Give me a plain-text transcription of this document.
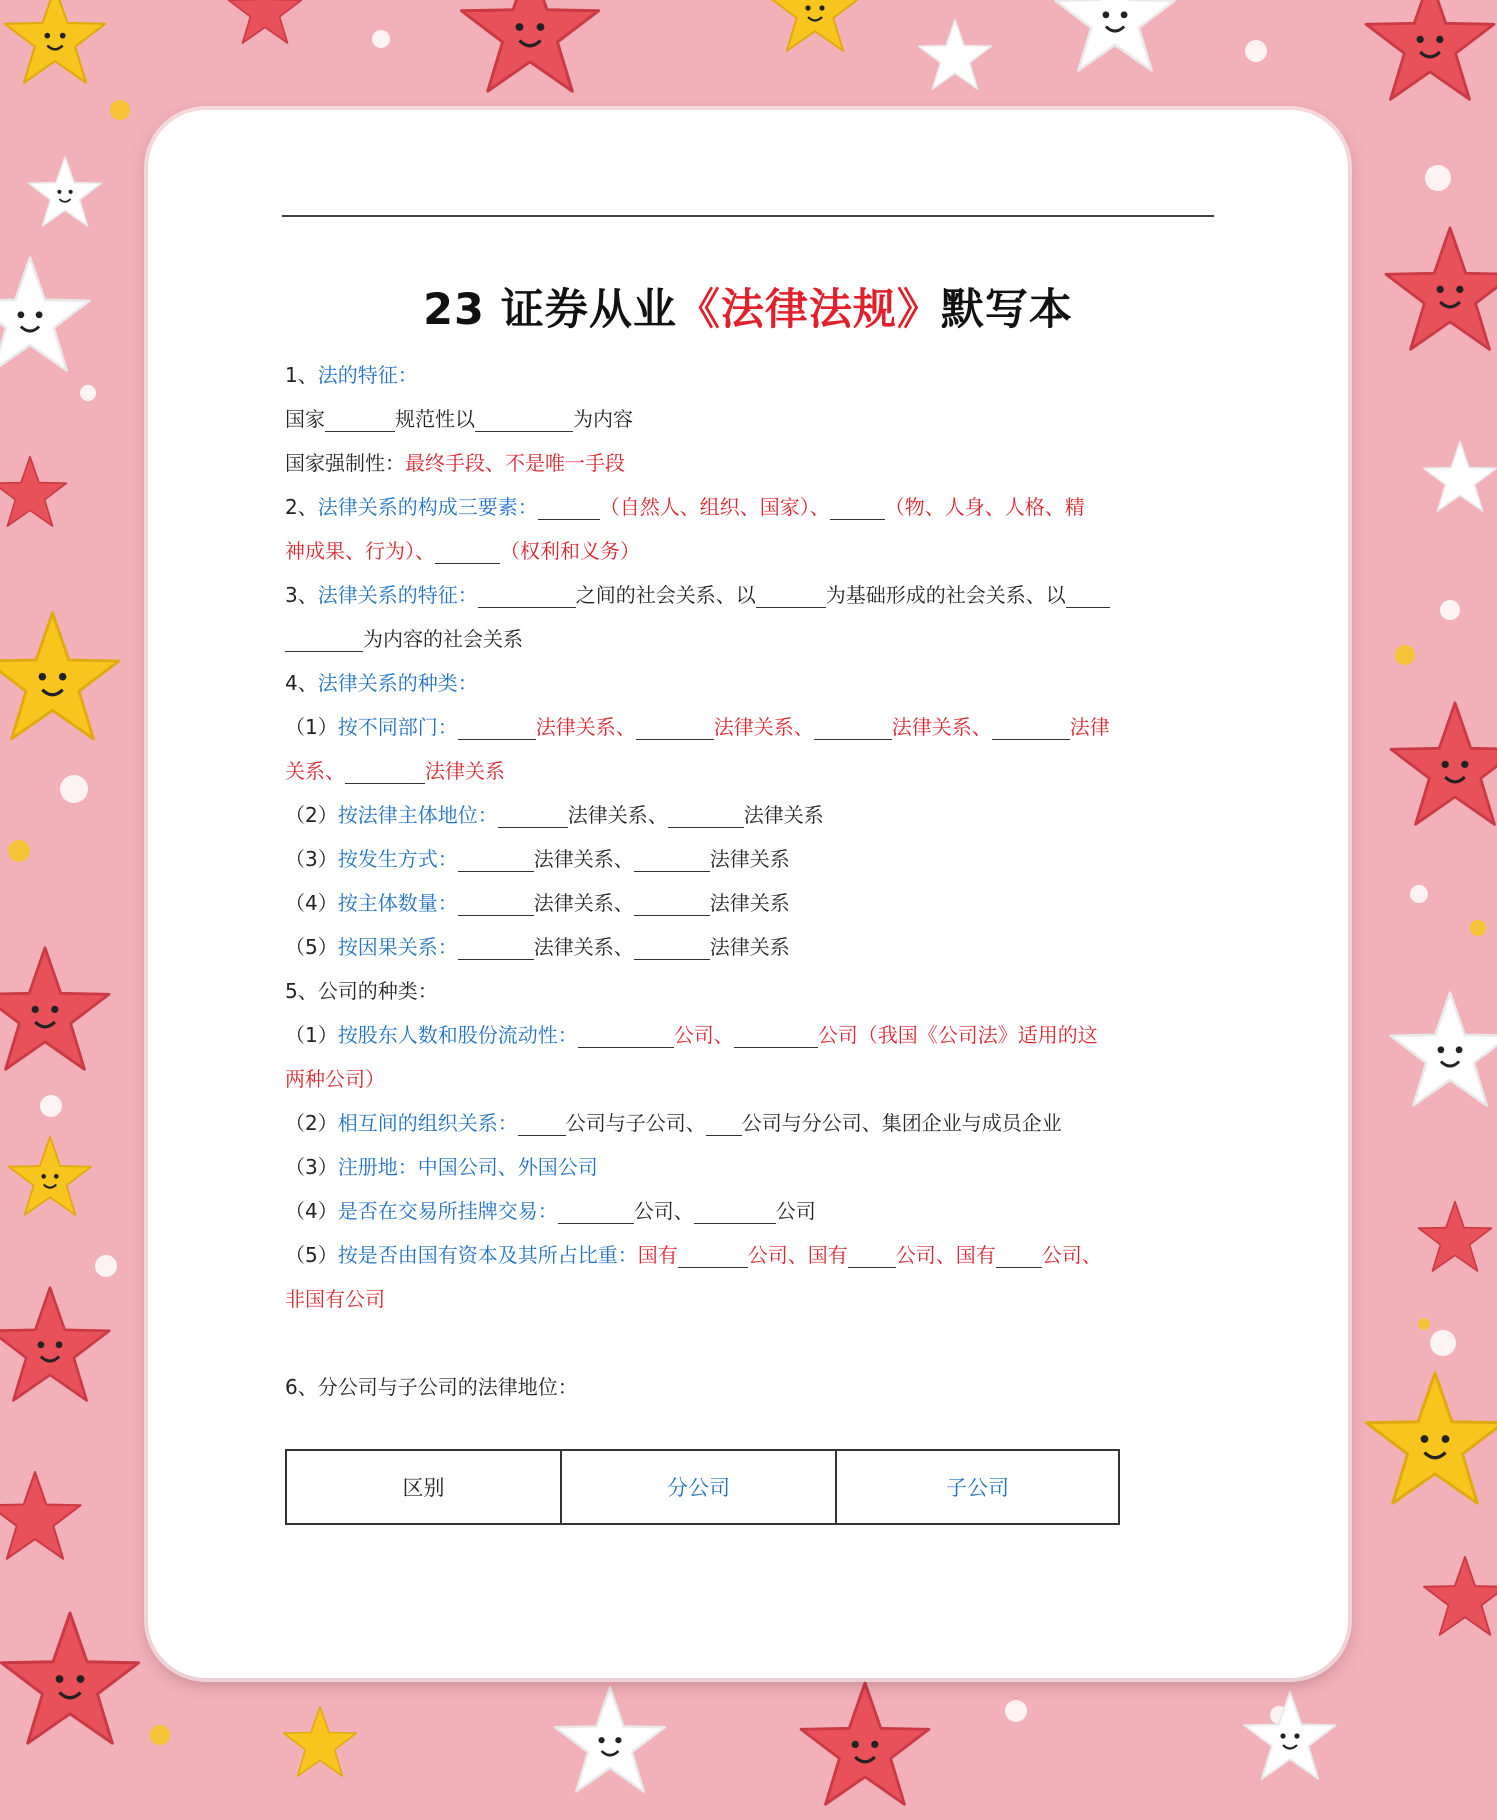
23 证券从业《法律法规》默写本
1、法的特征：
国家	规范性以	为内容
国家强制性：最终手段、不是唯一手段
2、法律关系的构成三要素：	（自然人、组织、国家）、	（物、人身、人格、精
神成果、行为）、	（权利和义务）
3、法律关系的特征：	之间的社会关系、以	为基础形成的社会关系、以
为内容的社会关系
4、法律关系的种类：
（1）按不同部门：	法律关系、	法律关系、	法律关系、	法律
关系、	法律关系
（2）按法律主体地位：	法律关系、	法律关系
（3）按发生方式：	法律关系、	法律关系
（4）按主体数量：	法律关系、	法律关系
（5）按因果关系：	法律关系、	法律关系
5、公司的种类：
（1）按股东人数和股份流动性：	公司、	公司（我国《公司法》适用的这
两种公司）
（2）相互间的组织关系： 公司与子公司、 公司与分公司、集团企业与成员企业
（3）注册地：中国公司、外国公司
（4）是否在交易所挂牌交易：	公司、	公司
（5）按是否由国有资本及其所占比重：国有	公司、国有 公司、国有 公司、
非国有公司
6、分公司与子公司的法律地位：
区别	分公司	子公司
